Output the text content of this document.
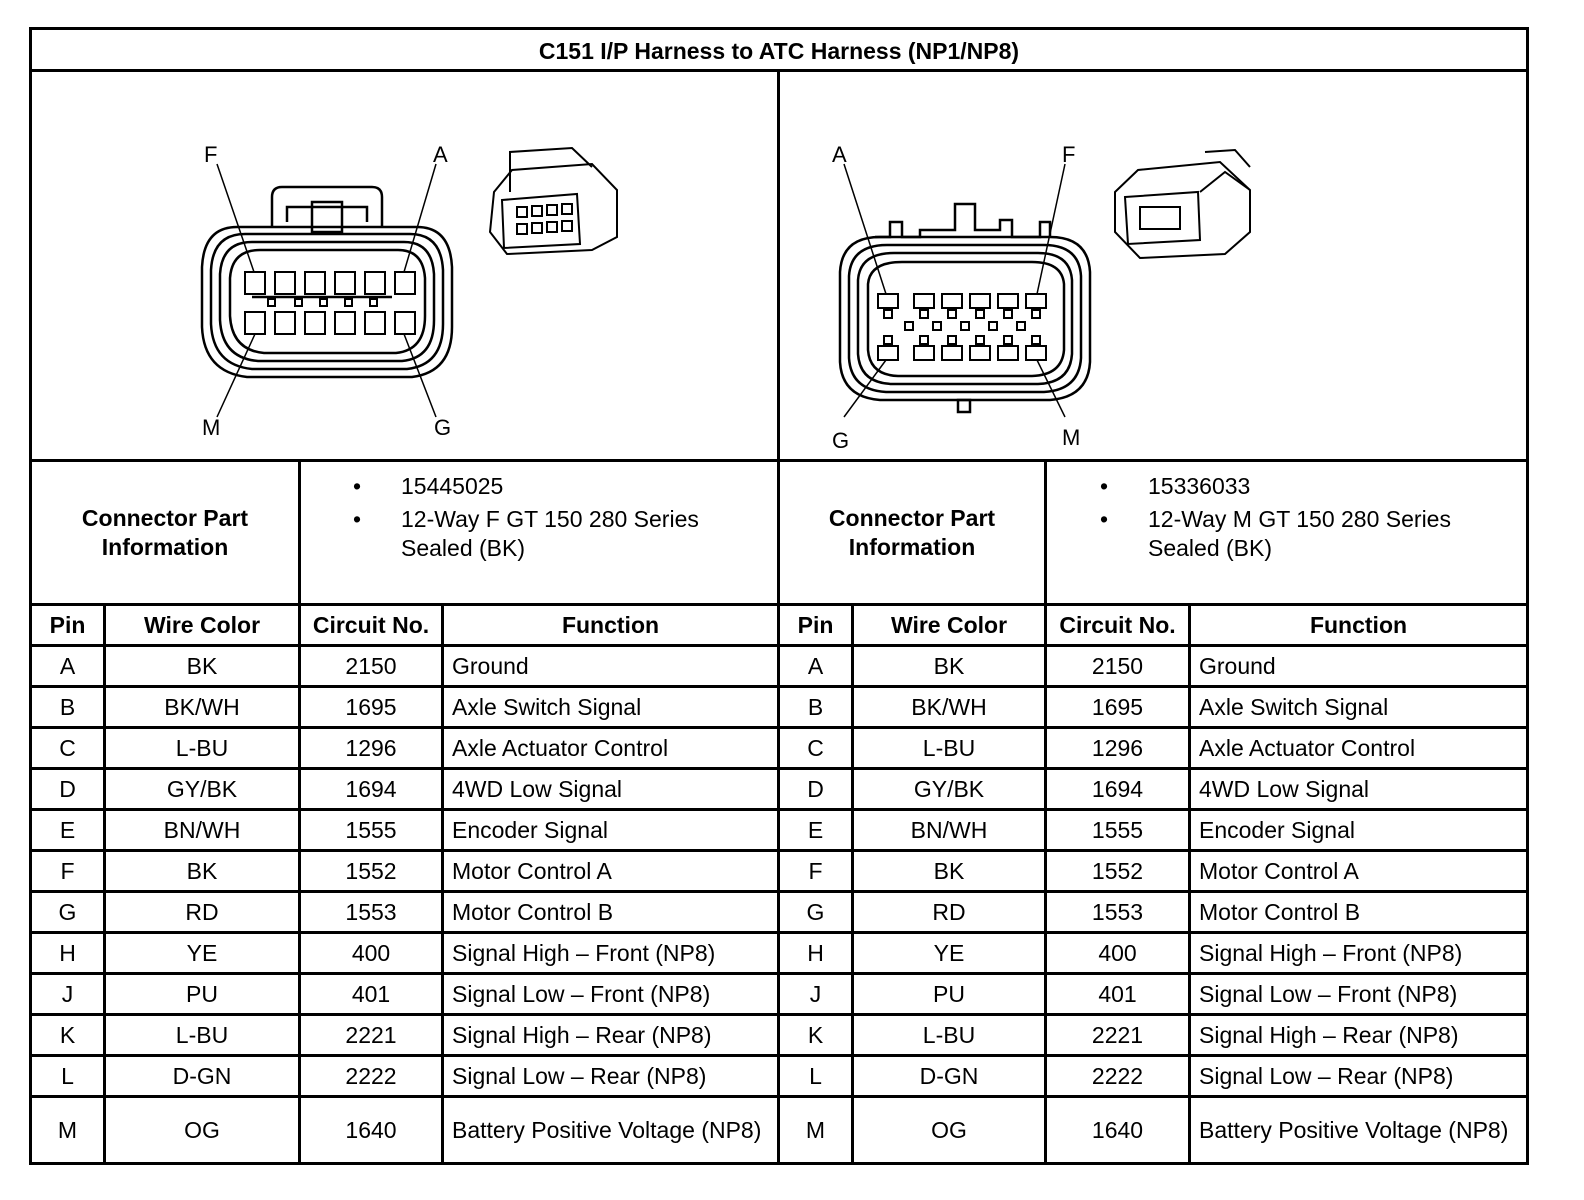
C151 I/P Harness to ATC Harness (NP1/NP8)
F	A
M	G
A	F
G	M
Connector Part Information
•	15445025
•	12-Way F GT 150 280 Series Sealed (BK)
Connector Part Information
•	15336033
•	12-Way M GT 150 280 Series Sealed (BK)
Pin	Wire Color	Circuit No.	Function	Pin	Wire Color	Circuit No.	Function
A	BK	2150	Ground	A	BK	2150	Ground
B	BK/WH	1695	Axle Switch Signal	B	BK/WH	1695	Axle Switch Signal
C	L-BU	1296	Axle Actuator Control	C	L-BU	1296	Axle Actuator Control
D	GY/BK	1694	4WD Low Signal	D	GY/BK	1694	4WD Low Signal
E	BN/WH	1555	Encoder Signal	E	BN/WH	1555	Encoder Signal
F	BK	1552	Motor Control A	F	BK	1552	Motor Control A
G	RD	1553	Motor Control B	G	RD	1553	Motor Control B
H	YE	400	Signal High – Front (NP8)	H	YE	400	Signal High – Front (NP8)
J	PU	401	Signal Low – Front (NP8)	J	PU	401	Signal Low – Front (NP8)
K	L-BU	2221	Signal High – Rear (NP8)	K	L-BU	2221	Signal High – Rear (NP8)
L	D-GN	2222	Signal Low – Rear (NP8)	L	D-GN	2222	Signal Low – Rear (NP8)
M	OG	1640	Battery Positive Voltage (NP8)	M	OG	1640	Battery Positive Voltage (NP8)
